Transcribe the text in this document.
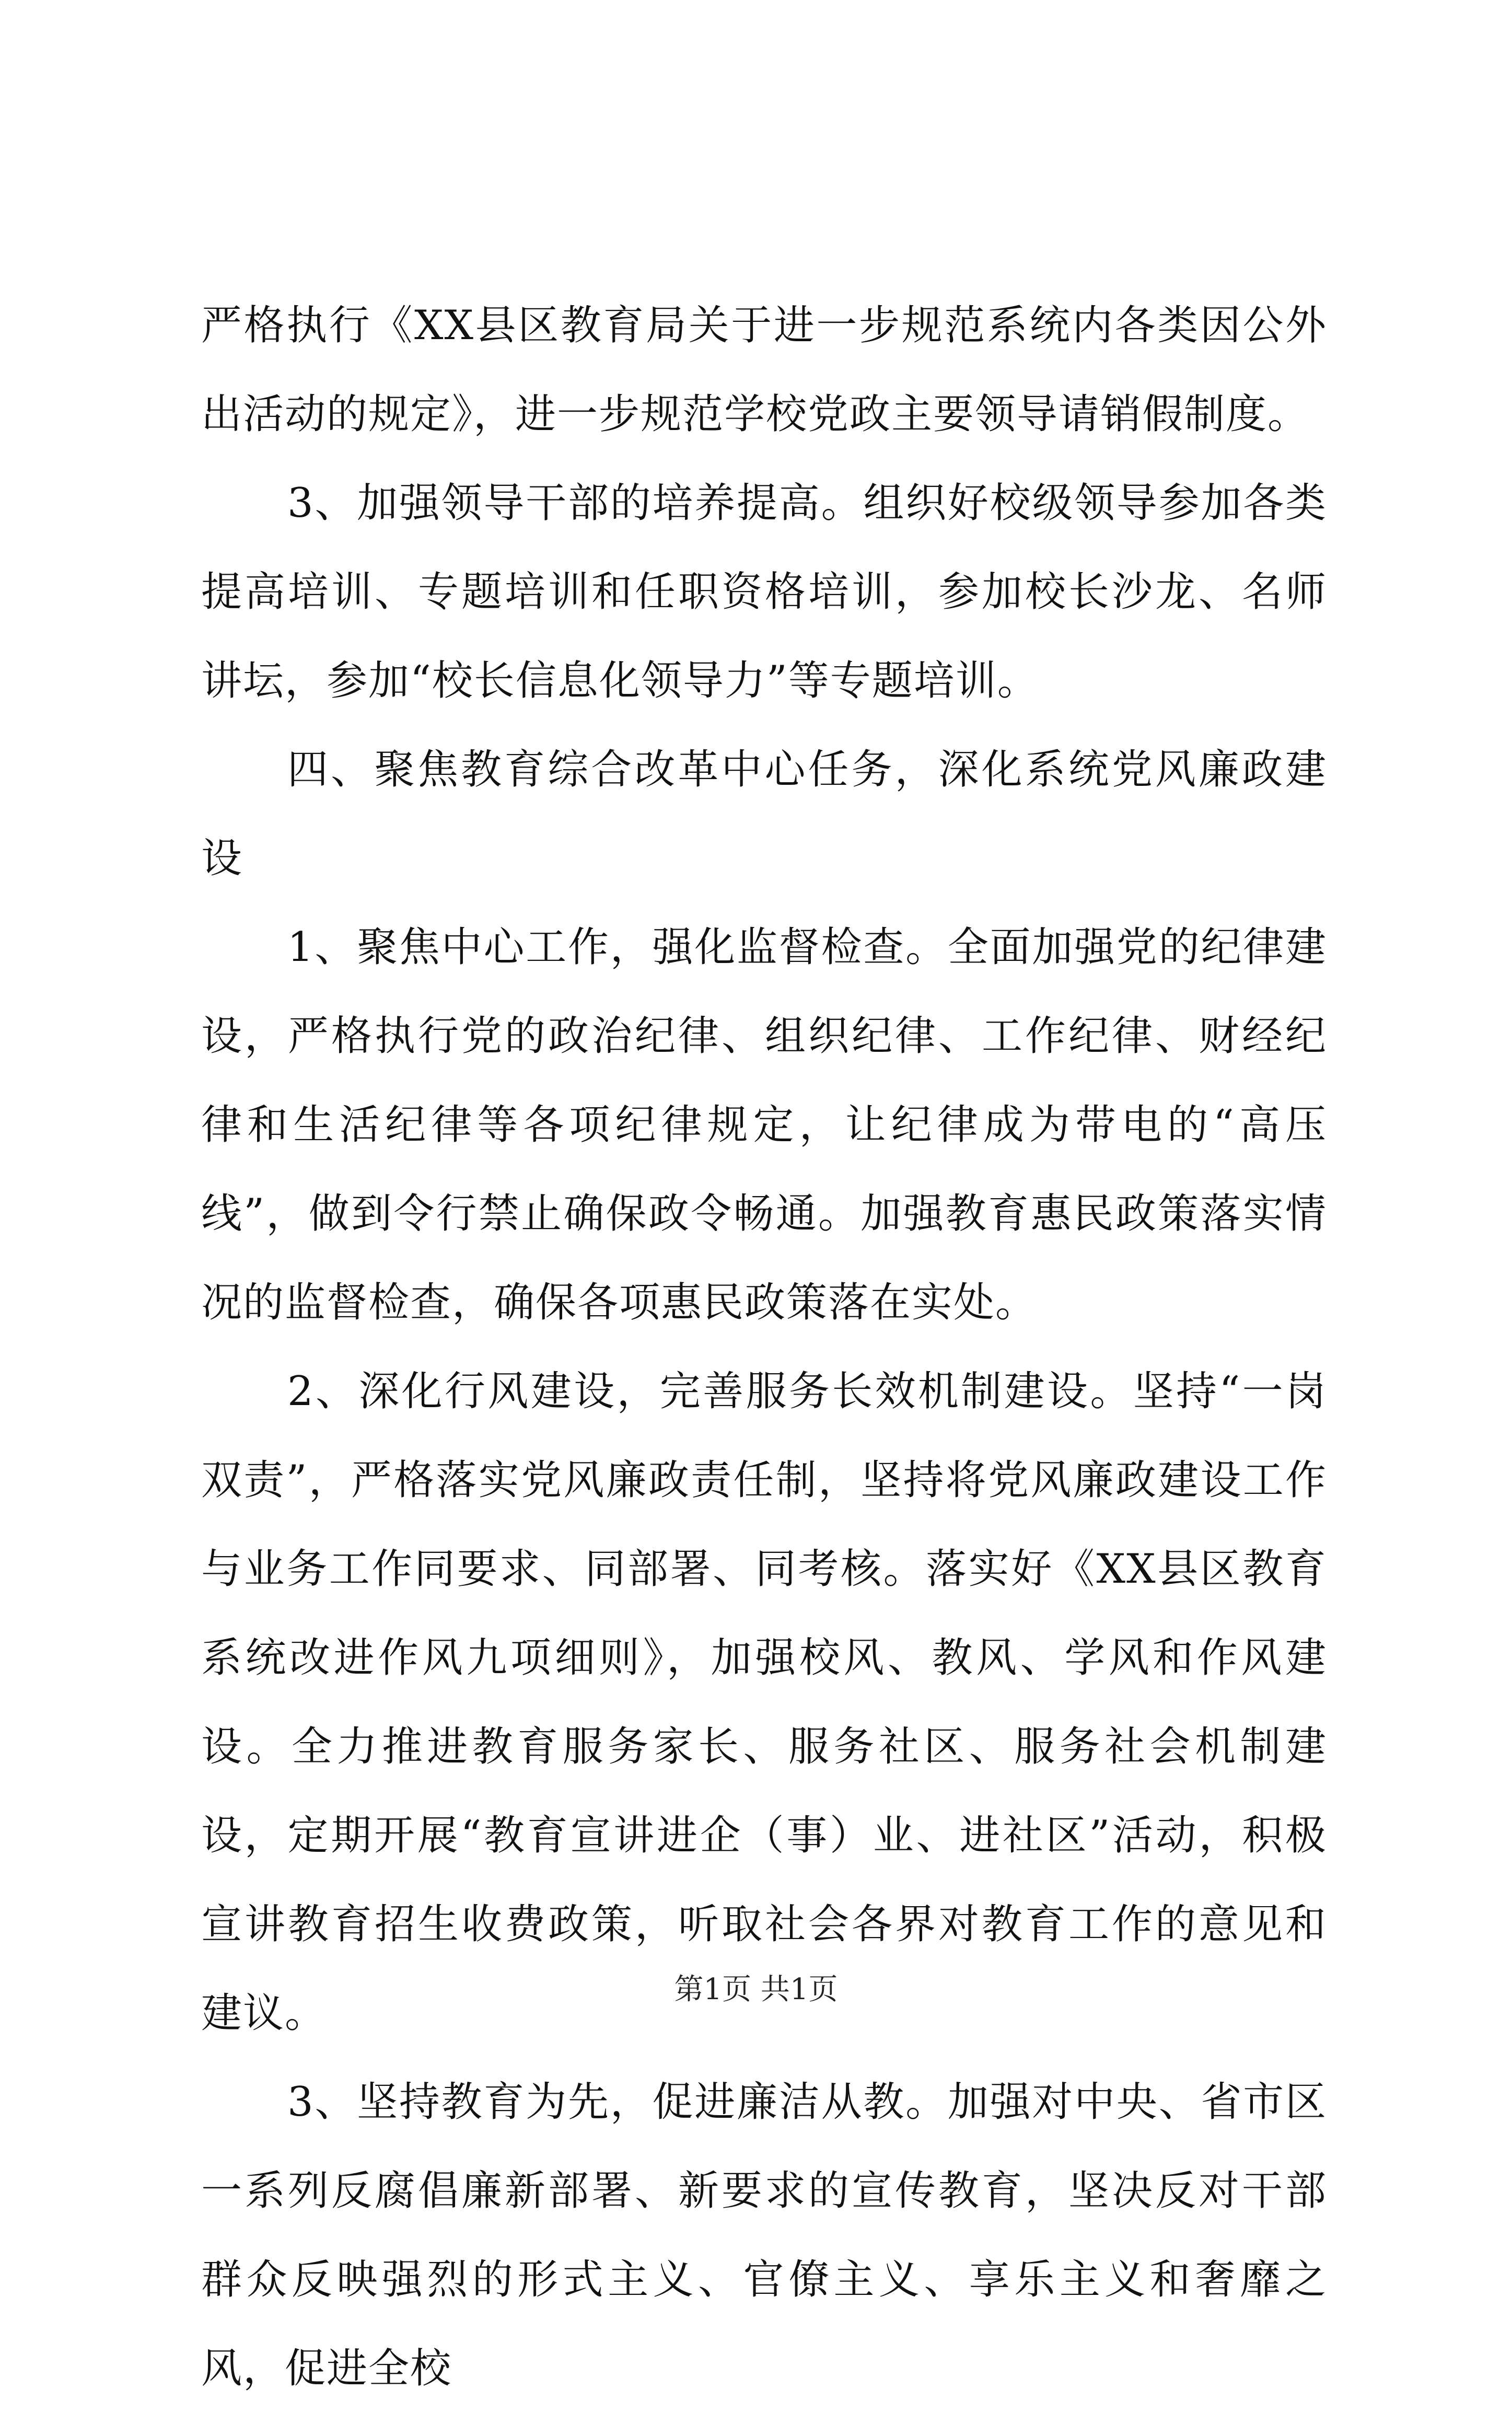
严格执行《XX县区教育局关于进一步规范系统内各类因公外出活动的规定》，进一步规范学校党政主要领导请销假制度。

3、加强领导干部的培养提高。组织好校级领导参加各类提高培训、专题培训和任职资格培训，参加校长沙龙、名师讲坛，参加“校长信息化领导力”等专题培训。

四、聚焦教育综合改革中心任务，深化系统党风廉政建设

1、聚焦中心工作，强化监督检查。全面加强党的纪律建设，严格执行党的政治纪律、组织纪律、工作纪律、财经纪律和生活纪律等各项纪律规定，让纪律成为带电的“高压线”，做到令行禁止确保政令畅通。加强教育惠民政策落实情况的监督检查，确保各项惠民政策落在实处。

2、深化行风建设，完善服务长效机制建设。坚持“一岗双责”，严格落实党风廉政责任制，坚持将党风廉政建设工作与业务工作同要求、同部署、同考核。落实好《XX县区教育系统改进作风九项细则》，加强校风、教风、学风和作风建设。全力推进教育服务家长、服务社区、服务社会机制建设，定期开展“教育宣讲进企（事）业、进社区”活动，积极宣讲教育招生收费政策，听取社会各界对教育工作的意见和建议。

3、坚持教育为先，促进廉洁从教。加强对中央、省市区一系列反腐倡廉新部署、新要求的宣传教育，坚决反对干部群众反映强烈的形式主义、官僚主义、享乐主义和奢靡之风，促进全校

第1页 共1页
